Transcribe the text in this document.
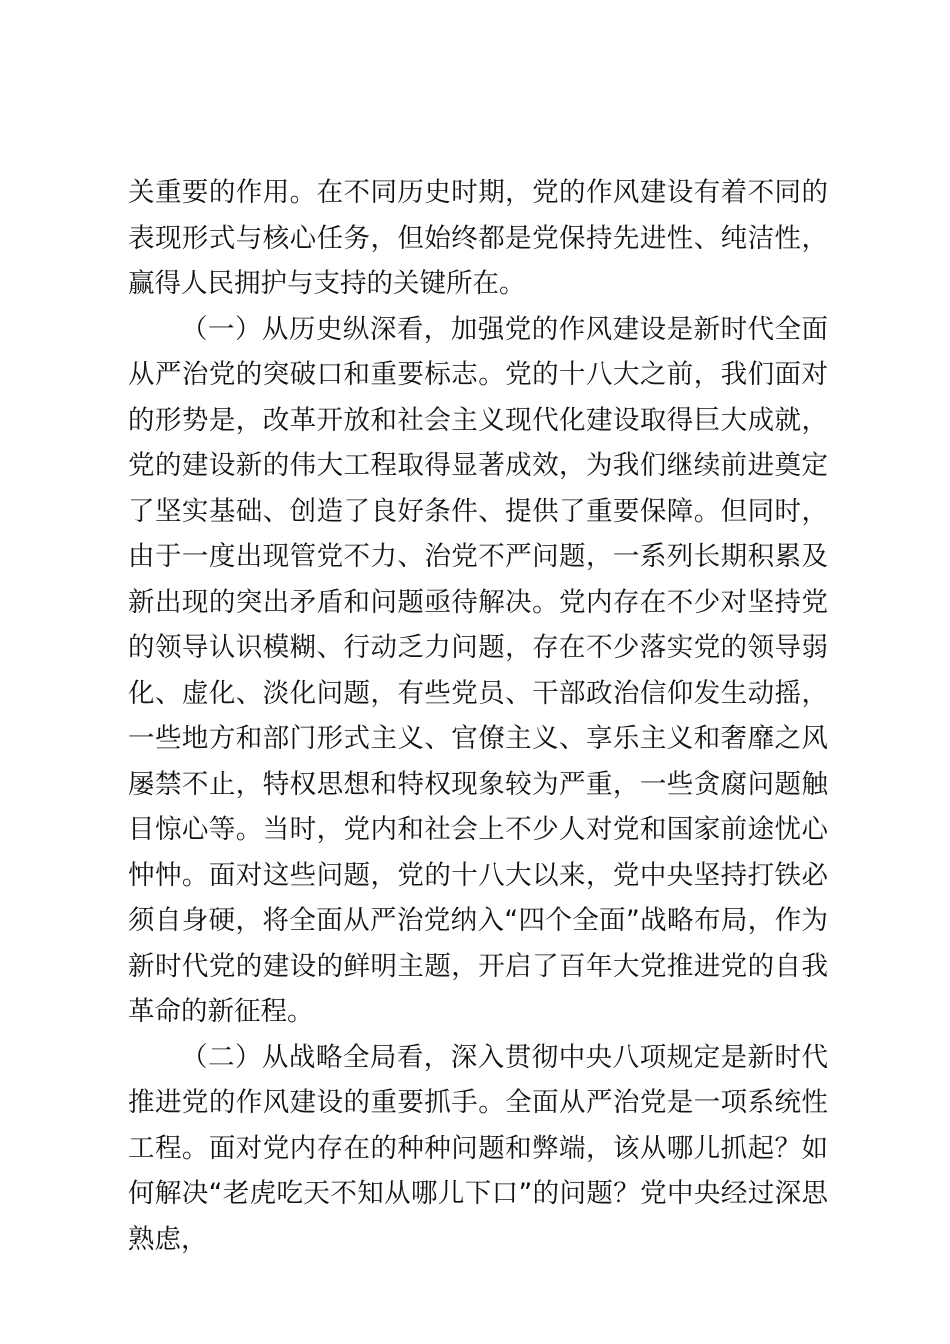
关重要的作用。在不同历史时期，党的作风建设有着不同的表现形式与核心任务，但始终都是党保持先进性、纯洁性，赢得人民拥护与支持的关键所在。

（一）从历史纵深看，加强党的作风建设是新时代全面从严治党的突破口和重要标志。党的十八大之前，我们面对的形势是，改革开放和社会主义现代化建设取得巨大成就，党的建设新的伟大工程取得显著成效，为我们继续前进奠定了坚实基础、创造了良好条件、提供了重要保障。但同时，由于一度出现管党不力、治党不严问题，一系列长期积累及新出现的突出矛盾和问题亟待解决。党内存在不少对坚持党的领导认识模糊、行动乏力问题，存在不少落实党的领导弱化、虚化、淡化问题，有些党员、干部政治信仰发生动摇，一些地方和部门形式主义、官僚主义、享乐主义和奢靡之风屡禁不止，特权思想和特权现象较为严重，一些贪腐问题触目惊心等。当时，党内和社会上不少人对党和国家前途忧心忡忡。面对这些问题，党的十八大以来，党中央坚持打铁必须自身硬，将全面从严治党纳入“四个全面”战略布局，作为新时代党的建设的鲜明主题，开启了百年大党推进党的自我革命的新征程。

（二）从战略全局看，深入贯彻中央八项规定是新时代推进党的作风建设的重要抓手。全面从严治党是一项系统性工程。面对党内存在的种种问题和弊端，该从哪儿抓起？如何解决“老虎吃天不知从哪儿下口”的问题？党中央经过深思熟虑，
